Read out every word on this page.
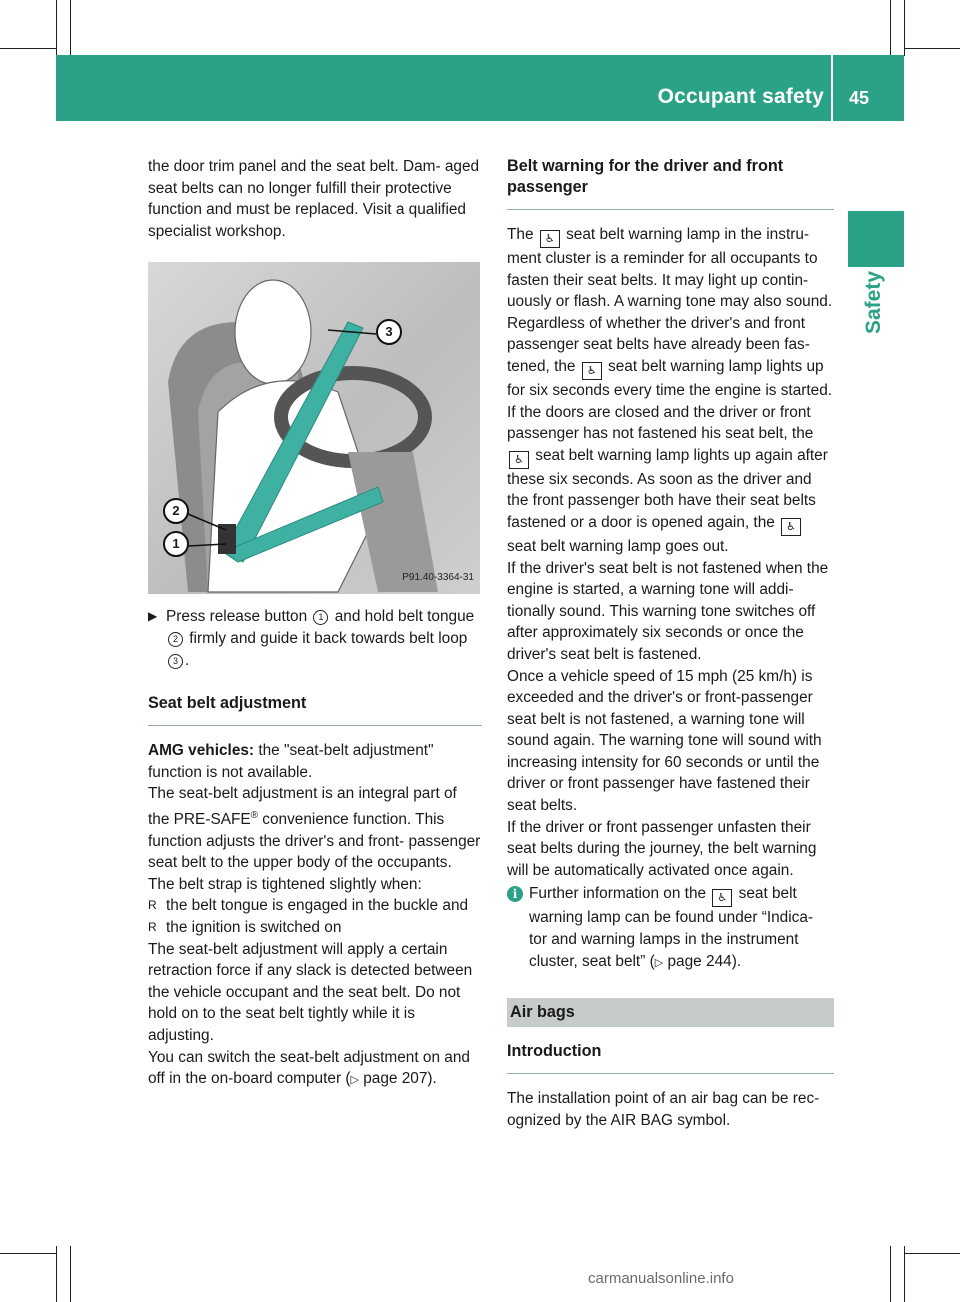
Occupant safety 45
Safety

the door trim panel and the seat belt. Dam- aged seat belts can no longer fulfill their protective function and must be replaced. Visit a qualified specialist workshop.

3
2
1
P91.40-3364-31
▶ Press release button 1 and hold belt tongue 2 firmly and guide it back towards belt loop 3 .
Seat belt adjustment

AMG vehicles: the "seat-belt adjustment" function is not available.

The seat-belt adjustment is an integral part of the PRE-SAFE® convenience function. This function adjusts the driver's and front- passenger seat belt to the upper body of the occupants.

The belt strap is tightened slightly when:

R the belt tongue is engaged in the buckle and
R the ignition is switched on

The seat-belt adjustment will apply a certain retraction force if any slack is detected between the vehicle occupant and the seat belt. Do not hold on to the seat belt tightly while it is adjusting.

You can switch the seat-belt adjustment on and off in the on-board computer (▷ page 207).

Belt warning for the driver and front passenger

The ♿ seat belt warning lamp in the instru- ment cluster is a reminder for all occupants to fasten their seat belts. It may light up contin- uously or flash. A warning tone may also sound.

Regardless of whether the driver's and front passenger seat belts have already been fas- tened, the ♿ seat belt warning lamp lights up for six seconds every time the engine is started. If the doors are closed and the driver or front passenger has not fastened his seat belt, the ♿ seat belt warning lamp lights up again after these six seconds. As soon as the driver and the front passenger both have their seat belts fastened or a door is opened again, the ♿ seat belt warning lamp goes out.

If the driver's seat belt is not fastened when the engine is started, a warning tone will addi- tionally sound. This warning tone switches off after approximately six seconds or once the driver's seat belt is fastened.

Once a vehicle speed of 15 mph (25 km/h) is exceeded and the driver's or front-passenger seat belt is not fastened, a warning tone will sound again. The warning tone will sound with increasing intensity for 60 seconds or until the driver or front passenger have fastened their seat belts.

If the driver or front passenger unfasten their seat belts during the journey, the belt warning will be automatically activated once again.

i Further information on the ♿ seat belt warning lamp can be found under “Indica- tor and warning lamps in the instrument cluster, seat belt” (▷ page 244).
Air bags
Introduction

The installation point of an air bag can be rec- ognized by the AIR BAG symbol.

carmanualsonline.info
